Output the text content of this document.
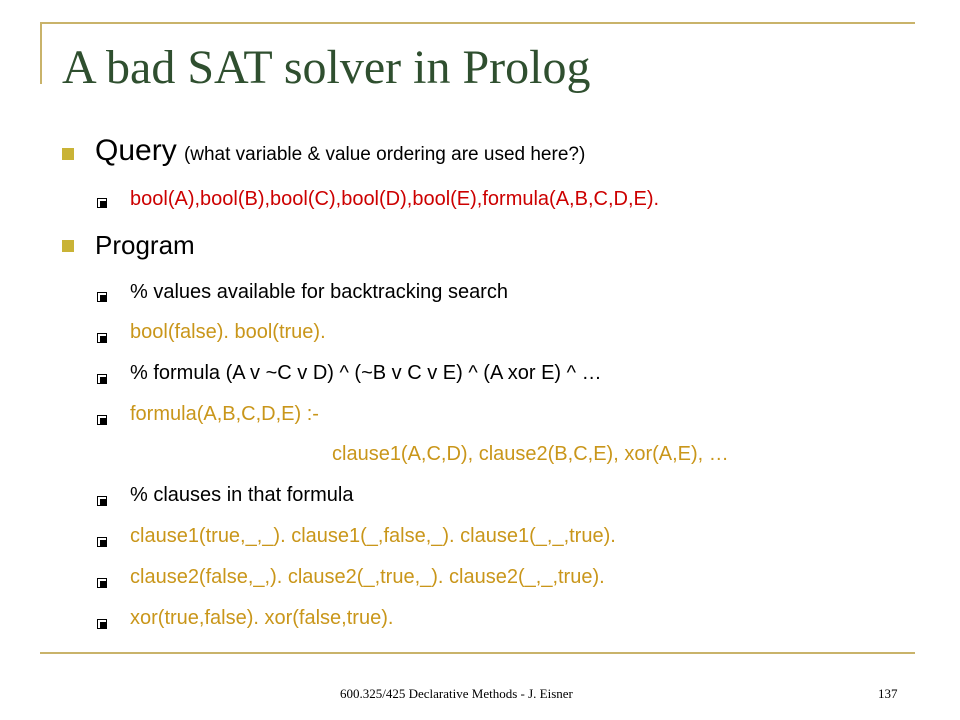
A bad SAT solver in Prolog
Query (what variable & value ordering are used here?)
bool(A),bool(B),bool(C),bool(D),bool(E),formula(A,B,C,D,E).
Program
% values available for backtracking search
bool(false). bool(true).
% formula (A v ~C v D) ^ (~B v C v E) ^ (A xor E) ^ …
formula(A,B,C,D,E) :-
clause1(A,C,D), clause2(B,C,E), xor(A,E), …
% clauses in that formula
clause1(true,_,_). clause1(_,false,_). clause1(_,_,true).
clause2(false,_,). clause2(_,true,_). clause2(_,_,true).
xor(true,false). xor(false,true).
600.325/425 Declarative Methods - J. Eisner	137
